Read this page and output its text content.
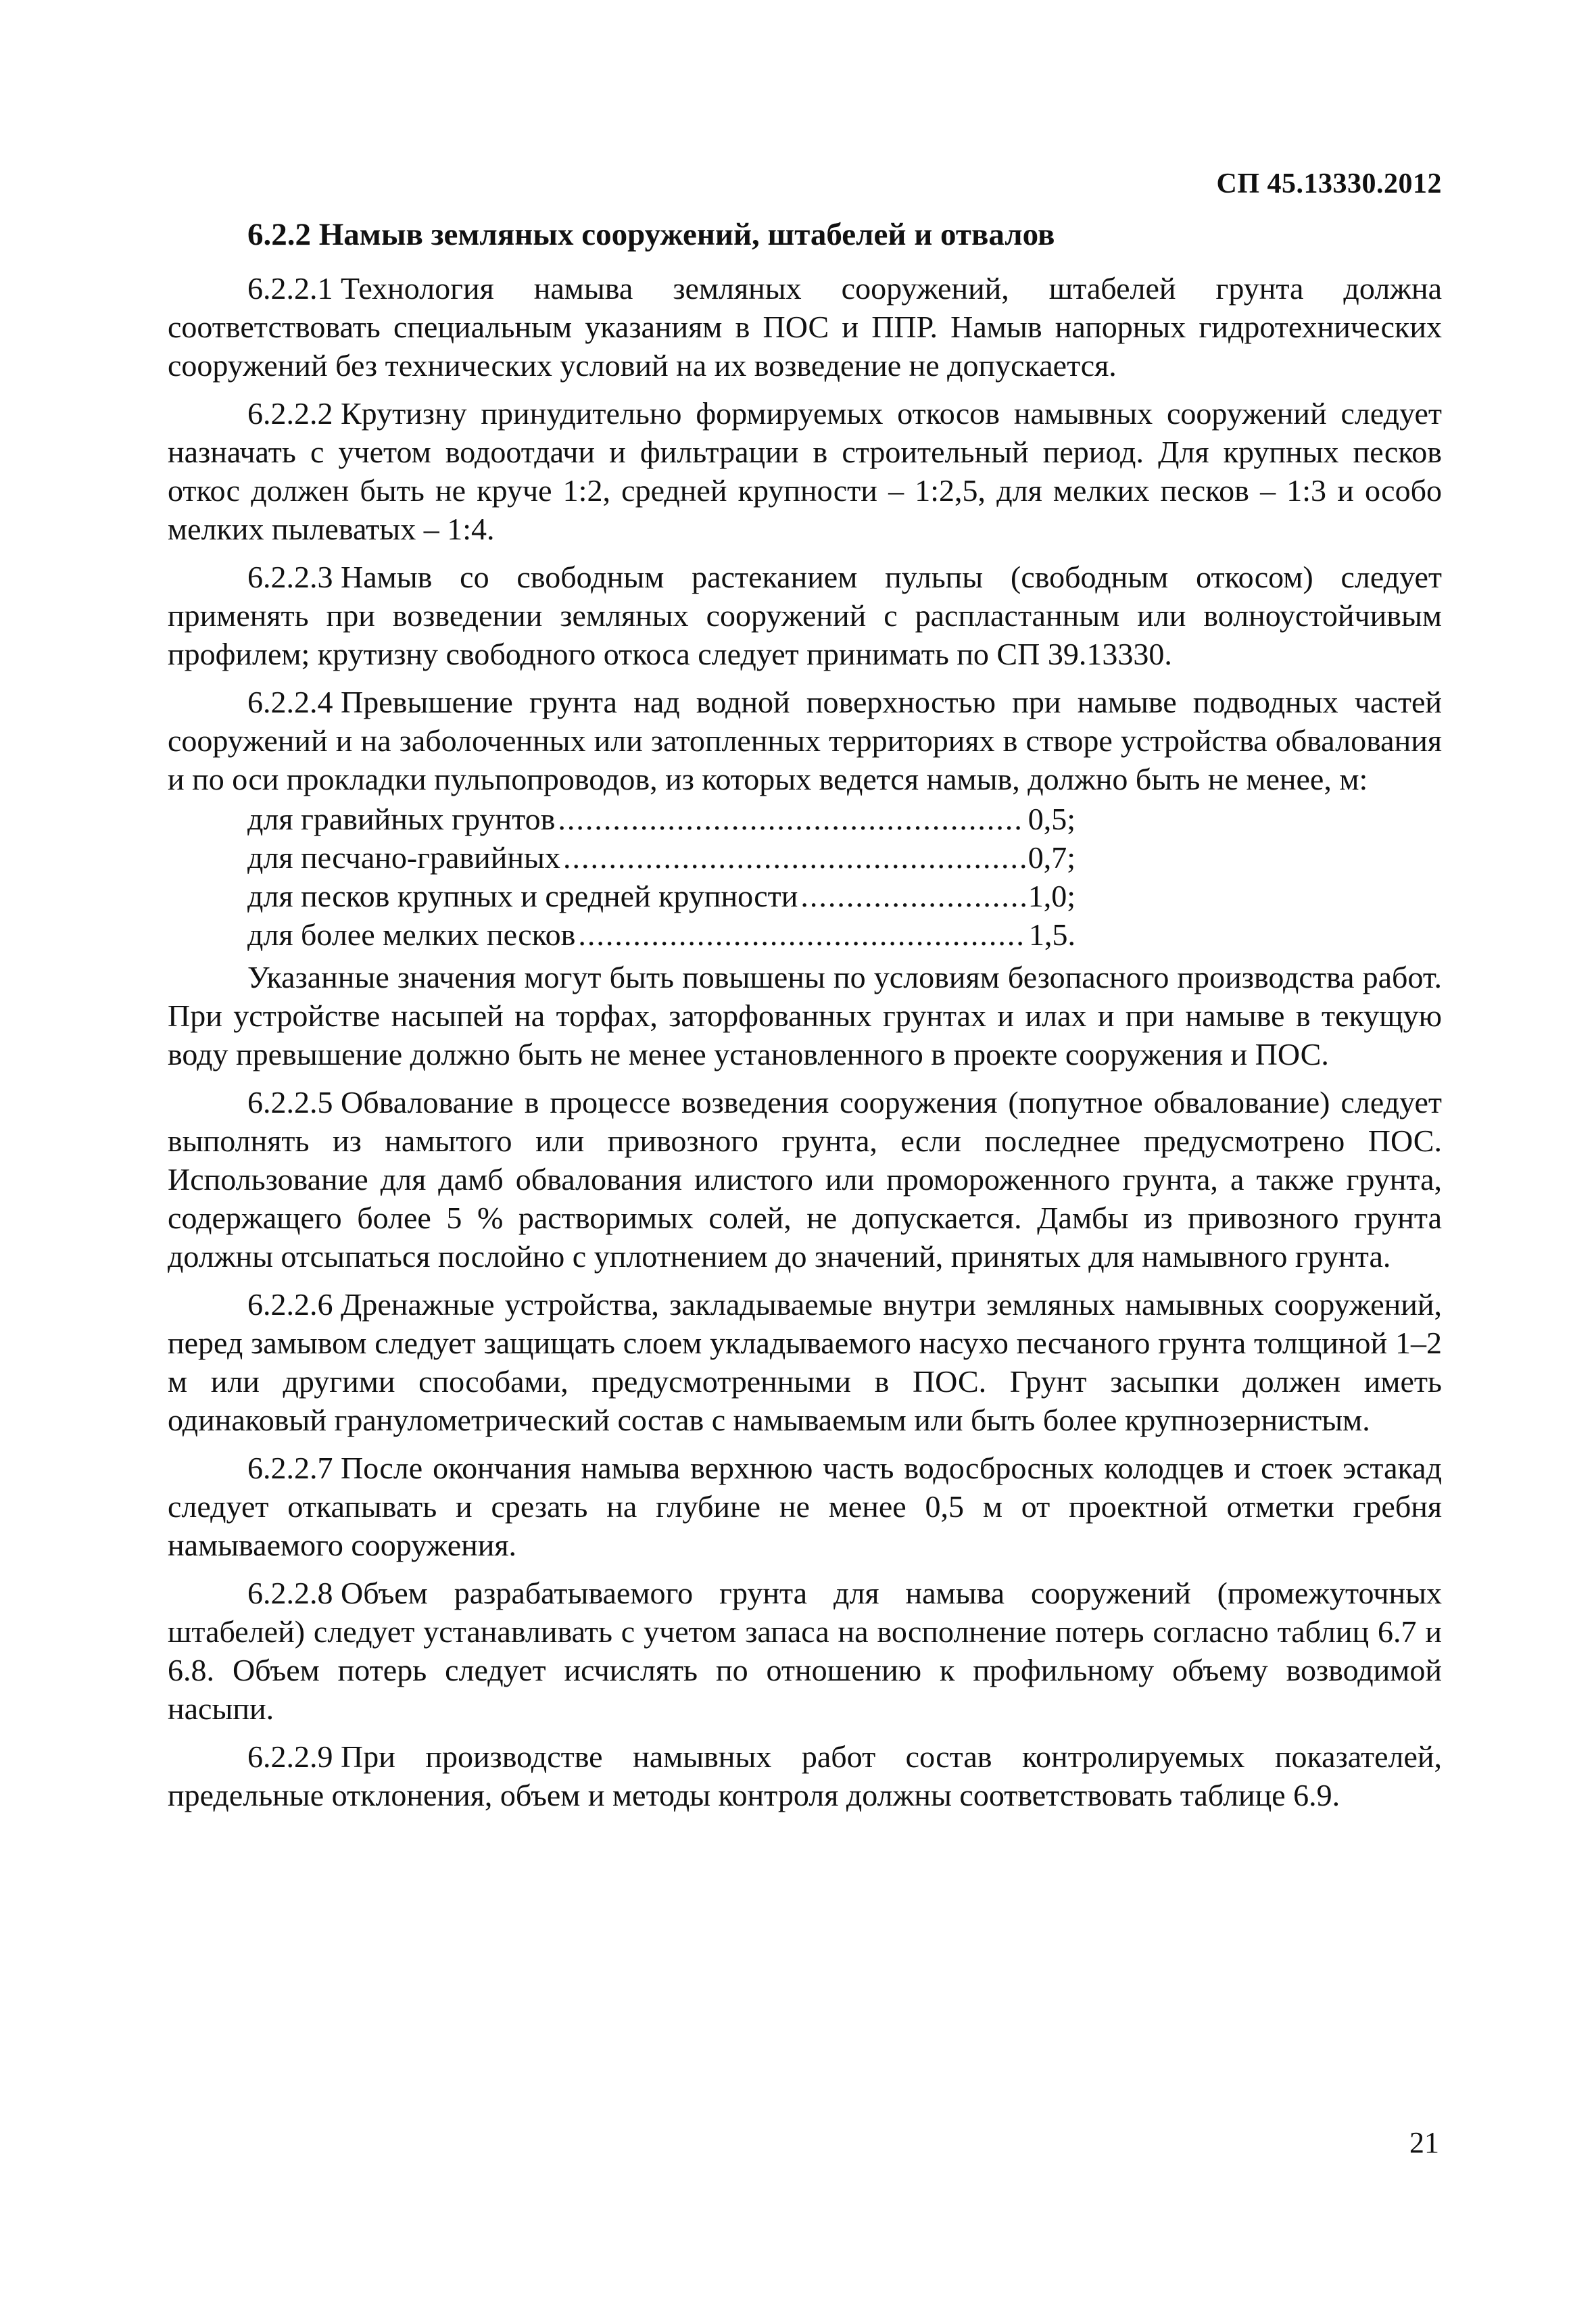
СП 45.13330.2012
6.2.2 Намыв земляных сооружений, штабелей и отвалов

6.2.2.1 Технология намыва земляных сооружений, штабелей грунта должна соответствовать специальным указаниям в ПОС и ППР. Намыв напорных гидротехнических сооружений без технических условий на их возведение не допускается.

6.2.2.2 Крутизну принудительно формируемых откосов намывных сооружений следует назначать с учетом водоотдачи и фильтрации в строительный период. Для крупных песков откос должен быть не круче 1:2, средней крупности – 1:2,5, для мелких песков – 1:3 и особо мелких пылеватых – 1:4.

6.2.2.3 Намыв со свободным растеканием пульпы (свободным откосом) следует применять при возведении земляных сооружений с распластанным или волноустойчивым профилем; крутизну свободного откоса следует принимать по СП 39.13330.

6.2.2.4 Превышение грунта над водной поверхностью при намыве подводных частей сооружений и на заболоченных или затопленных территориях в створе устройства обвалования и по оси прокладки пульпопроводов, из которых ведется намыв, должно быть не менее, м:

для гравийных грунтов .....	0,5;
для песчано-гравийных .....	0,7;
для песков крупных и средней крупности .....	1,0;
для более мелких песков .....	1,5.

Указанные значения могут быть повышены по условиям безопасного производства работ. При устройстве насыпей на торфах, заторфованных грунтах и илах и при намыве в текущую воду превышение должно быть не менее установленного в проекте сооружения и ПОС.

6.2.2.5 Обвалование в процессе возведения сооружения (попутное обвалование) следует выполнять из намытого или привозного грунта, если последнее предусмотрено ПОС. Использование для дамб обвалования илистого или промороженного грунта, а также грунта, содержащего более 5 % растворимых солей, не допускается. Дамбы из привозного грунта должны отсыпаться послойно с уплотнением до значений, принятых для намывного грунта.

6.2.2.6 Дренажные устройства, закладываемые внутри земляных намывных сооружений, перед замывом следует защищать слоем укладываемого насухо песчаного грунта толщиной 1–2 м или другими способами, предусмотренными в ПОС. Грунт засыпки должен иметь одинаковый гранулометрический состав с намываемым или быть более крупнозернистым.

6.2.2.7 После окончания намыва верхнюю часть водосбросных колодцев и стоек эстакад следует откапывать и срезать на глубине не менее 0,5 м от проектной отметки гребня намываемого сооружения.

6.2.2.8 Объем разрабатываемого грунта для намыва сооружений (промежуточных штабелей) следует устанавливать с учетом запаса на восполнение потерь согласно таблиц 6.7 и 6.8. Объем потерь следует исчислять по отношению к профильному объему возводимой насыпи.

6.2.2.9 При производстве намывных работ состав контролируемых показателей, предельные отклонения, объем и методы контроля должны соответствовать таблице 6.9.

21
